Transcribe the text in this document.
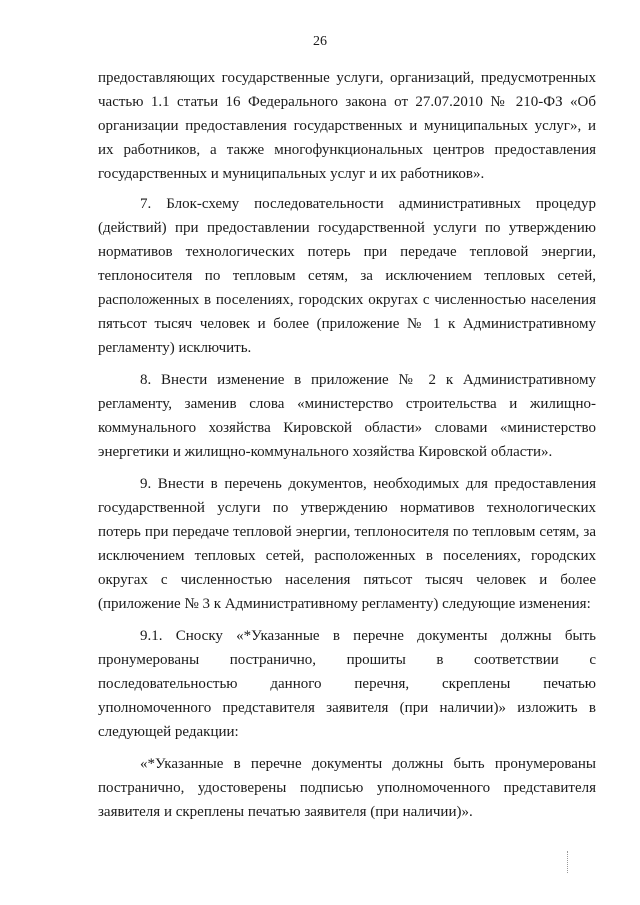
26

предоставляющих государственные услуги, организаций, предусмотренных частью 1.1 статьи 16 Федерального закона от 27.07.2010 № 210-ФЗ «Об организации предоставления государственных и муниципальных услуг», и их работников, а также многофункциональных центров предоставления государственных и муниципальных услуг и их работников».

7. Блок-схему последовательности административных процедур (действий) при предоставлении государственной услуги по утверждению нормативов технологических потерь при передаче тепловой энергии, теплоносителя по тепловым сетям, за исключением тепловых сетей, расположенных в поселениях, городских округах с численностью населения пятьсот тысяч человек и более (приложение № 1 к Административному регламенту) исключить.

8. Внести изменение в приложение № 2 к Административному регламенту, заменив слова «министерство строительства и жилищно-коммунального хозяйства Кировской области» словами «министерство энергетики и жилищно-коммунального хозяйства Кировской области».

9. Внести в перечень документов, необходимых для предоставления государственной услуги по утверждению нормативов технологических потерь при передаче тепловой энергии, теплоносителя по тепловым сетям, за исключением тепловых сетей, расположенных в поселениях, городских округах с численностью населения пятьсот тысяч человек и более (приложение № 3 к Административному регламенту) следующие изменения:

9.1. Сноску «*Указанные в перечне документы должны быть пронумерованы постранично, прошиты в соответствии с последовательностью данного перечня, скреплены печатью уполномоченного представителя заявителя (при наличии)» изложить в следующей редакции:

«*Указанные в перечне документы должны быть пронумерованы постранично, удостоверены подписью уполномоченного представителя заявителя и скреплены печатью заявителя (при наличии)».
